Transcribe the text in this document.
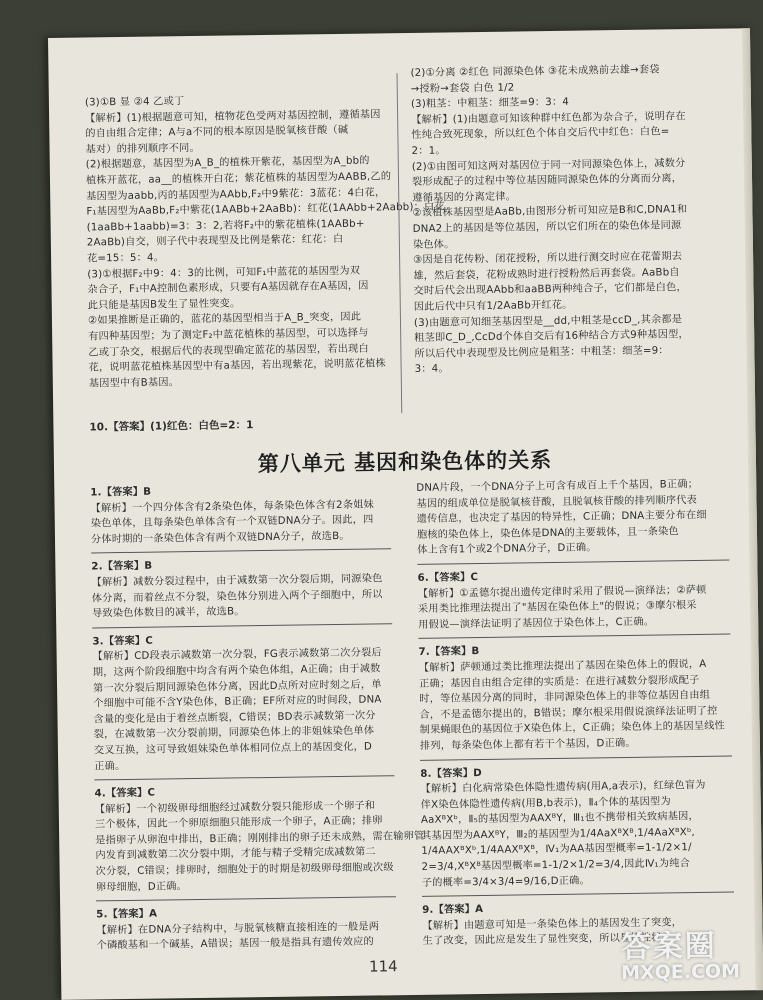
(3)①B 显 ②4 乙或丁
【解析】(1)根据题意可知，植物花色受两对基因控制，遵循基因
的自由组合定律；A与a不同的根本原因是脱氧核苷酸（碱
基对）的排列顺序不同。
(2)根据题意，基因型为A_B_的植株开紫花，基因型为A_bb的
植株开蓝花，aa__的植株开白花；紫花植株的基因型为AABB,乙的
基因型为aabb,丙的基因型为AAbb,F₂中9紫花：3蓝花：4白花，
F₁基因型为AaBb,F₂中紫花(1AABb+2AaBb)：红花(1AAbb+2Aabb)：白花
(1aaBb+1aabb)=3：3：2,若将F₂中的紫花植株(1AABb+
2AaBb)自交，则子代中表现型及比例是紫花：红花：白
花=15：5：4。
(3)①根据F₂中9：4：3的比例，可知F₁中蓝花的基因型为双
杂合子，F₁中A控制色素形成，只要有A基因就存在A基因，因
此只能是基因B发生了显性突变。
②如果推断是正确的，蓝花的基因型相当于A_B_突变，因此
有四种基因型；为了测定F₂中蓝花植株的基因型，可以选择与
乙或丁杂交，根据后代的表现型确定蓝花的基因型，若出现白
花，说明蓝花植株基因型中有a基因，若出现紫花，说明蓝花植株
基因型中有B基因。
(2)①分离 ②红色 同源染色体 ③花未成熟前去雄→套袋
→授粉→套袋 白色 1/2
(3)粗茎：中粗茎：细茎=9：3：4
【解析】(1)由题意可知该种群中红色都为杂合子，说明存在
性纯合致死现象，所以红色个体自交后代中红色：白色=
2：1。
(2)①由图可知这两对基因位于同一对同源染色体上，减数分
裂形成配子的过程中等位基因随同源染色体的分离而分离，
遵循基因的分离定律。
②该植株基因型是AaBb,由图形分析可知应是B和C,DNA1和
DNA2上的基因是等位基因，所以它们所在的染色体是同源
染色体。
③因是自花传粉、闭花授粉，所以进行测交时应在花蕾期去
雄，然后套袋，花粉成熟时进行授粉然后再套袋。AaBb自
交时后代会出现AAbb和aaBB两种纯合子，它们都是白色，
因此后代中只有1/2AaBb开红花。
(3)由题意可知细茎基因型是__dd,中粗茎是ccD_,其余都是
粗茎即C_D_,CcDd个体自交后有16种结合方式9种基因型，
所以后代中表现型及比例应是粗茎：中粗茎：细茎=9：
3：4。
10.【答案】(1)红色：白色=2：1
第八单元 基因和染色体的关系
1.【答案】B
【解析】一个四分体含有2条染色体，每条染色体含有2条姐妹
染色单体，且每条染色单体含有一个双链DNA分子。因此，四
分体时期的一条染色体含有两个双链DNA分子，故选B。
2.【答案】B
【解析】减数分裂过程中，由于减数第一次分裂后期，同源染色
体分离，而着丝点不分裂，染色体分别进入两个子细胞中，所以
导致染色体数目的减半，故选B。
3.【答案】C
【解析】CD段表示减数第一次分裂，FG表示减数第二次分裂后
期，这两个阶段细胞中均含有两个染色体组，A正确；由于减数
第一次分裂后期同源染色体分离，因此D点所对应时刻之后，单
个细胞中可能不含Y染色体，B正确；EF所对应的时间段，DNA
含量的变化是由于着丝点断裂，C错误；BD表示减数第一次分
裂，在减数第一次分裂前期，同源染色体上的非姐妹染色单体
交叉互换，这可导致姐妹染色单体相同位点上的基因变化，D
正确。
4.【答案】C
【解析】一个初级卵母细胞经过减数分裂只能形成一个卵子和
三个极体，因此一个卵原细胞只能形成一个卵子，A正确；排卵
是指卵子从卵泡中排出，B正确；刚刚排出的卵子还未成熟，需在输卵管
内发育到减数第二次分裂中期，才能与精子受精完成减数第二
次分裂，C错误；排卵时，细胞处于的时期是初级卵母细胞或次级
卵母细胞，D正确。
5.【答案】A
【解析】在DNA分子结构中，与脱氧核糖直接相连的一般是两
个磷酸基和一个碱基，A错误；基因一般是指具有遗传效应的
DNA片段，一个DNA分子上可含有成百上千个基因，B正确；
基因的组成单位是脱氧核苷酸，且脱氧核苷酸的排列顺序代表
遗传信息，也决定了基因的特异性，C正确；DNA主要分布在细
胞核的染色体上，染色体是DNA的主要载体，且一条染色
体上含有1个或2个DNA分子，D正确。
6.【答案】C
【解析】①孟德尔提出遗传定律时采用了假说—演绎法；②萨顿
采用类比推理法提出了"基因在染色体上"的假说；③摩尔根采
用假说—演绎法证明了基因位于染色体上，C正确。
7.【答案】B
【解析】萨顿通过类比推理法提出了基因在染色体上的假说，A
正确；基因自由组合定律的实质是：在进行减数分裂形成配子
时，等位基因分离的同时，非同源染色体上的非等位基因自由组
合，不是孟德尔提出的，B错误；摩尔根采用假说演绎法证明了控
制果蝇眼色的基因位于X染色体上，C正确；染色体上的基因呈线性
排列，每条染色体上都有若干个基因，D正确。
8.【答案】D
【解析】白化病常染色体隐性遗传病(用A,a表示)，红绿色盲为
伴X染色体隐性遗传病(用B,b表示)，Ⅱ₄个体的基因型为
AaXᴮXᵇ，Ⅱ₅的基因型为AAXᴮY，Ⅲ₁也不携带相关致病基因，
其基因型为AAXᴮY，Ⅲ₂的基因型为1/4AaXᴮXᴮ,1/4AaXᴮXᵇ,
1/4AAXᴮXᵇ,1/4AAXᴮXᴮ，Ⅳ₁为AA基因型概率=1-1/2×1/
2=3/4,XᴮXᴮ基因型概率=1-1/2×1/2=3/4,因此Ⅳ₁为纯合
子的概率=3/4×3/4=9/16,D正确。
9.【答案】A
【解析】由题意可知是一条染色体上的基因发生了突变，
生了改变，因此应是发生了显性突变，所以显性性状
114
答案圈
MXQE.COM
